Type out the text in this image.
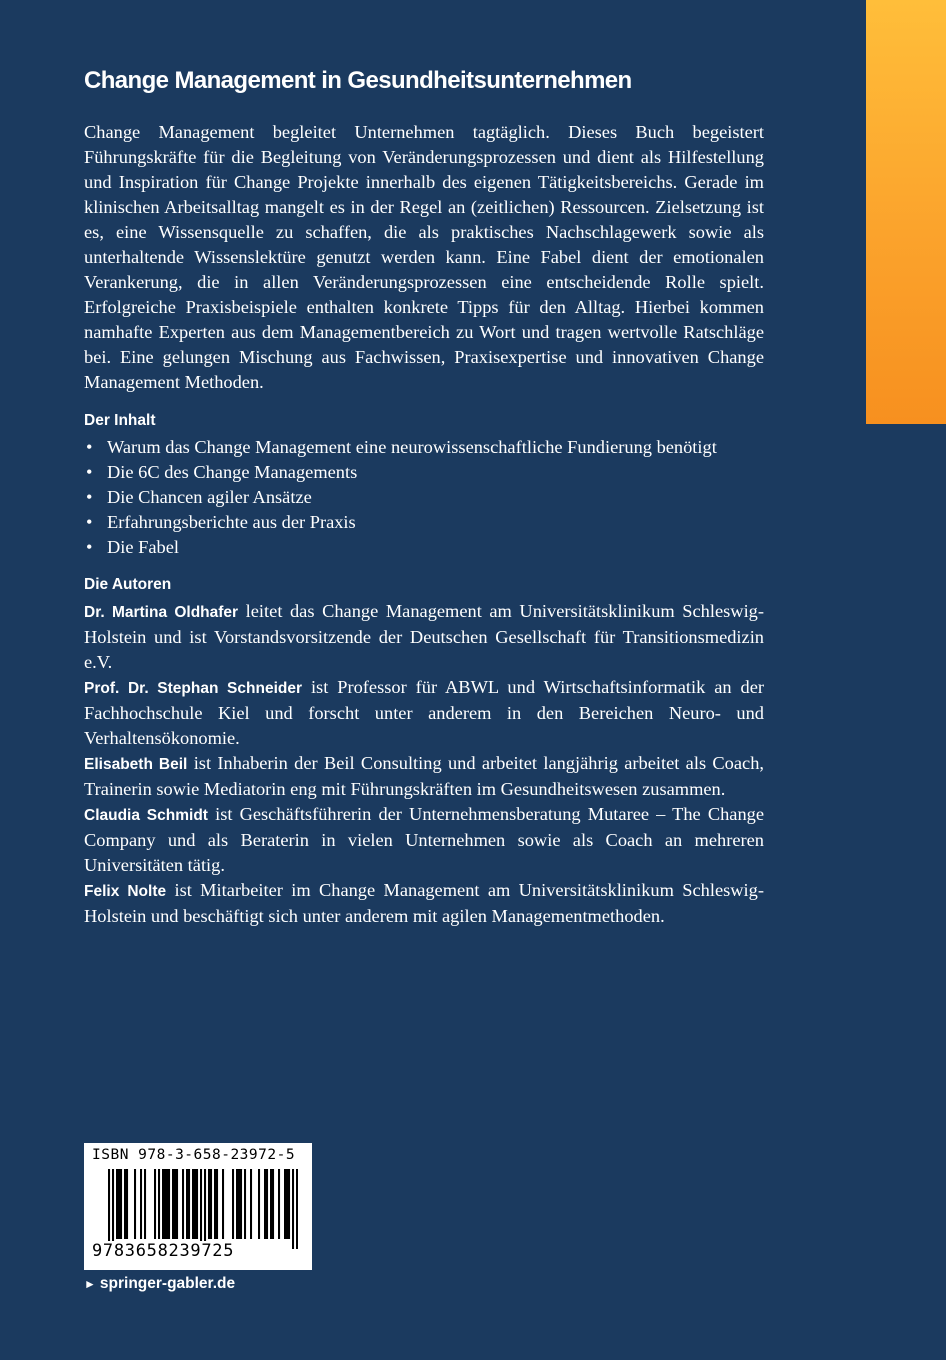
Change Management in Gesundheitsunternehmen

Change Management begleitet Unternehmen tagtäglich. Dieses Buch begeistert Führungskräfte für die Begleitung von Veränderungsprozessen und dient als Hilfestellung und Inspiration für Change Projekte innerhalb des eigenen Tätigkeitsbereichs. Gerade im klinischen Arbeitsalltag mangelt es in der Regel an (zeitlichen) Ressourcen. Zielsetzung ist es, eine Wissensquelle zu schaffen, die als praktisches Nachschlagewerk sowie als unterhaltende Wissenslektüre genutzt werden kann. Eine Fabel dient der emotionalen Verankerung, die in allen Veränderungsprozessen eine entscheidende Rolle spielt. Erfolgreiche Praxisbeispiele enthalten konkrete Tipps für den Alltag. Hierbei kommen namhafte Experten aus dem Managementbereich zu Wort und tragen wertvolle Ratschläge bei. Eine gelungen Mischung aus Fachwissen, Praxisexpertise und innovativen Change Management Methoden.

Der Inhalt
• Warum das Change Management eine neurowissenschaftliche Fundierung benötigt
• Die 6C des Change Managements
• Die Chancen agiler Ansätze
• Erfahrungsberichte aus der Praxis
• Die Fabel
Die Autoren

Dr. Martina Oldhafer leitet das Change Management am Universitätsklinikum Schleswig-Holstein und ist Vorstandsvorsitzende der Deutschen Gesellschaft für Transitionsmedizin e.V.

Prof. Dr. Stephan Schneider ist Professor für ABWL und Wirtschaftsinformatik an der Fachhochschule Kiel und forscht unter anderem in den Bereichen Neuro- und Verhaltensökonomie.

Elisabeth Beil ist Inhaberin der Beil Consulting und arbeitet langjährig arbeitet als Coach, Trainerin sowie Mediatorin eng mit Führungskräften im Gesundheitswesen zusammen.

Claudia Schmidt ist Geschäftsführerin der Unternehmensberatung Mutaree – The Change Company und als Beraterin in vielen Unternehmen sowie als Coach an mehreren Universitäten tätig.

Felix Nolte ist Mitarbeiter im Change Management am Universitätsklinikum Schleswig-Holstein und beschäftigt sich unter anderem mit agilen Managementmethoden.

ISBN 978-3-658-23972-5
9783658239725
► springer-gabler.de
